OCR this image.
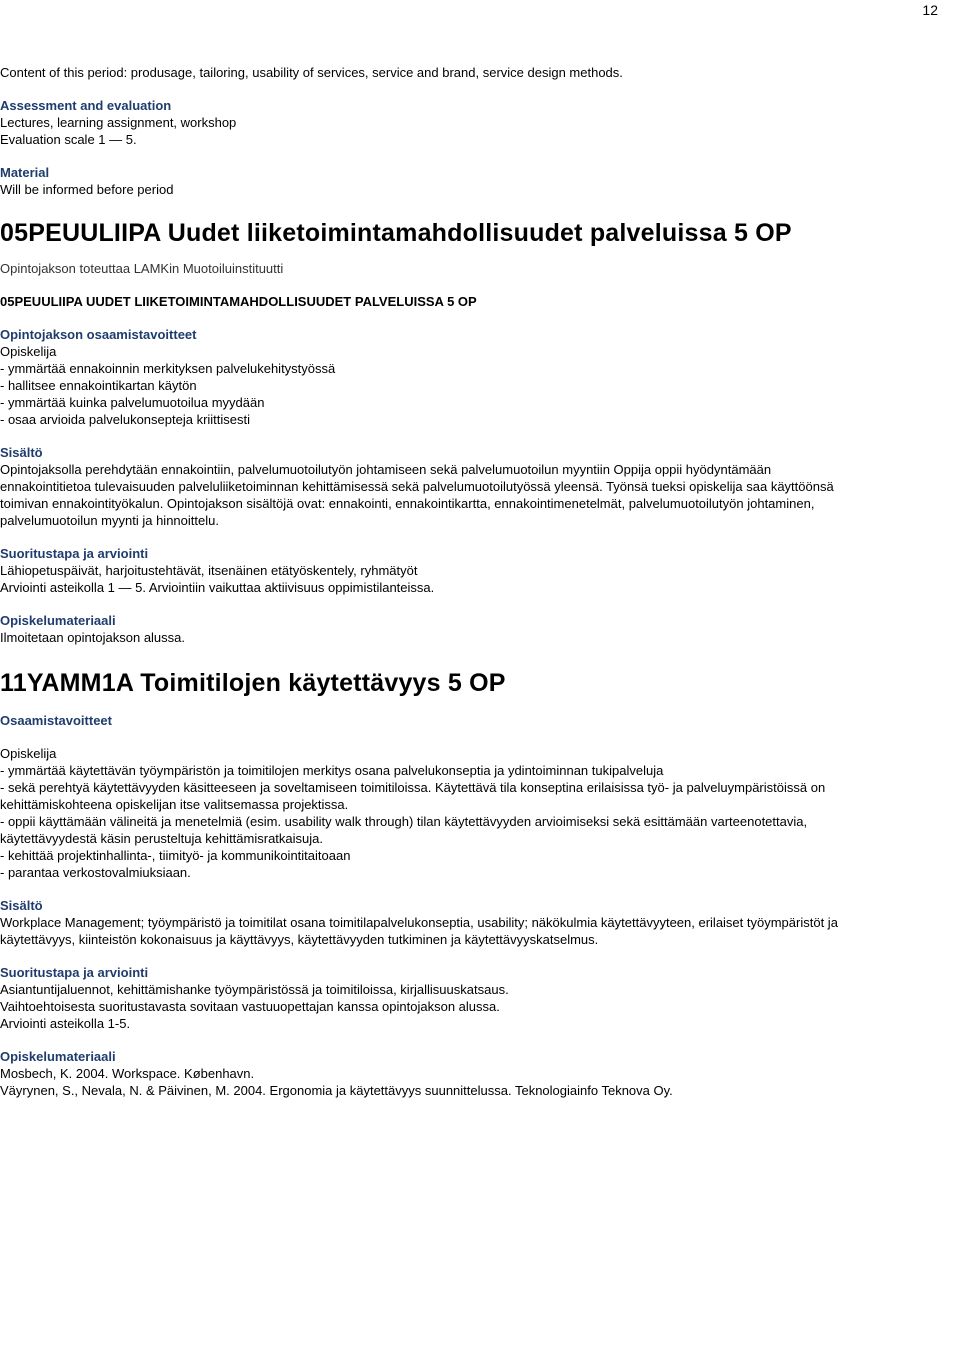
12

Content of this period: produsage, tailoring, usability of services, service and brand, service design methods.

Assessment and evaluation

Lectures, learning assignment, workshop

Evaluation scale 1 — 5.

Material

Will be informed before period

05PEUULIIPA Uudet liiketoimintamahdollisuudet palveluissa 5 OP

Opintojakson toteuttaa LAMKin Muotoiluinstituutti

05PEUULIIPA UUDET LIIKETOIMINTAMAHDOLLISUUDET PALVELUISSA 5 OP

Opintojakson osaamistavoitteet

Opiskelija

- ymmärtää ennakoinnin merkityksen palvelukehitystyössä

- hallitsee ennakointikartan käytön

- ymmärtää kuinka palvelumuotoilua myydään

- osaa arvioida palvelukonsepteja kriittisesti

Sisältö

Opintojaksolla perehdytään ennakointiin, palvelumuotoilutyön johtamiseen sekä palvelumuotoilun myyntiin Oppija oppii hyödyntämään

ennakointitietoa tulevaisuuden palveluliiketoiminnan kehittämisessä sekä palvelumuotoilutyössä yleensä. Työnsä tueksi opiskelija saa käyttöönsä

toimivan ennakointityökalun. Opintojakson sisältöjä ovat: ennakointi, ennakointikartta, ennakointimenetelmät, palvelumuotoilutyön johtaminen,

palvelumuotoilun myynti ja hinnoittelu.

Suoritustapa ja arviointi

Lähiopetuspäivät, harjoitustehtävät, itsenäinen etätyöskentely, ryhmätyöt

Arviointi asteikolla 1 — 5. Arviointiin vaikuttaa aktiivisuus oppimistilanteissa.

Opiskelumateriaali

Ilmoitetaan opintojakson alussa.

11YAMM1A Toimitilojen käytettävyys 5 OP

Osaamistavoitteet

Opiskelija

- ymmärtää käytettävän työympäristön ja toimitilojen merkitys osana palvelukonseptia ja ydintoiminnan tukipalveluja

- sekä perehtyä käytettävyyden käsitteeseen ja soveltamiseen toimitiloissa. Käytettävä tila konseptina erilaisissa työ- ja palveluympäristöissä on

kehittämiskohteena opiskelijan itse valitsemassa projektissa.

- oppii käyttämään välineitä ja menetelmiä (esim. usability walk through) tilan käytettävyyden arvioimiseksi sekä esittämään varteenotettavia,

käytettävyydestä käsin perusteltuja kehittämisratkaisuja.

- kehittää projektinhallinta-, tiimityö- ja kommunikointitaitoaan

- parantaa verkostovalmiuksiaan.

Sisältö

Workplace Management; työympäristö ja toimitilat osana toimitilapalvelukonseptia, usability; näkökulmia käytettävyyteen, erilaiset työympäristöt ja

käytettävyys, kiinteistön kokonaisuus ja käyttävyys, käytettävyyden tutkiminen ja käytettävyyskatselmus.

Suoritustapa ja arviointi

Asiantuntijaluennot, kehittämishanke työympäristössä ja toimitiloissa, kirjallisuuskatsaus.

Vaihtoehtoisesta suoritustavasta sovitaan vastuuopettajan kanssa opintojakson alussa.

Arviointi asteikolla 1-5.

Opiskelumateriaali

Mosbech, K. 2004. Workspace. København.

Väyrynen, S., Nevala, N. & Päivinen, M. 2004. Ergonomia ja käytettävyys suunnittelussa. Teknologiainfo Teknova Oy.
